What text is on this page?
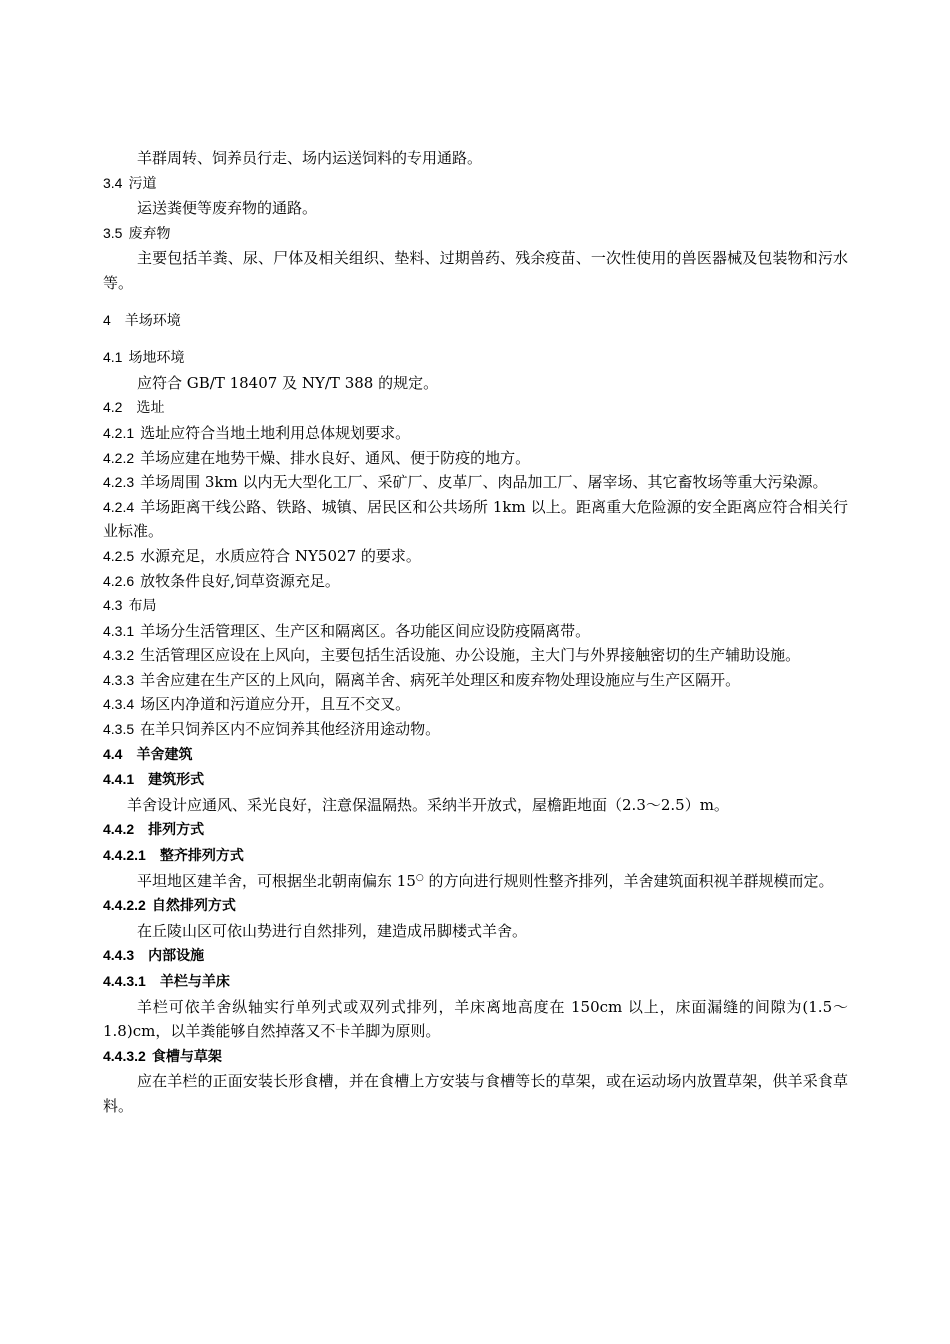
羊群周转、饲养员行走、场内运送饲料的专用通路。

3.4 污道

运送粪便等废弃物的通路。

3.5 废弃物

主要包括羊粪、尿、尸体及相关组织、垫料、过期兽药、残余疫苗、一次性使用的兽医器械及包装物和污水等。

4 羊场环境

4.1 场地环境

应符合 GB/T 18407 及 NY/T 388 的规定。

4.2 选址

4.2.1 选址应符合当地土地利用总体规划要求。

4.2.2 羊场应建在地势干燥、排水良好、通风、便于防疫的地方。

4.2.3 羊场周围 3km 以内无大型化工厂、采矿厂、皮革厂、肉品加工厂、屠宰场、其它畜牧场等重大污染源。

4.2.4 羊场距离干线公路、铁路、城镇、居民区和公共场所 1km 以上。距离重大危险源的安全距离应符合相关行业标准。

4.2.5 水源充足，水质应符合 NY5027 的要求。

4.2.6 放牧条件良好,饲草资源充足。

4.3 布局

4.3.1 羊场分生活管理区、生产区和隔离区。各功能区间应设防疫隔离带。

4.3.2 生活管理区应设在上风向，主要包括生活设施、办公设施，主大门与外界接触密切的生产辅助设施。

4.3.3 羊舍应建在生产区的上风向，隔离羊舍、病死羊处理区和废弃物处理设施应与生产区隔开。

4.3.4 场区内净道和污道应分开，且互不交叉。

4.3.5 在羊只饲养区内不应饲养其他经济用途动物。

4.4 羊舍建筑

4.4.1 建筑形式

羊舍设计应通风、采光良好，注意保温隔热。采纳半开放式，屋檐距地面（2.3～2.5）m。

4.4.2 排列方式

4.4.2.1 整齐排列方式

平坦地区建羊舍，可根据坐北朝南偏东 15○ 的方向进行规则性整齐排列，羊舍建筑面积视羊群规模而定。

4.4.2.2 自然排列方式

在丘陵山区可依山势进行自然排列，建造成吊脚楼式羊舍。

4.4.3 内部设施

4.4.3.1 羊栏与羊床

羊栏可依羊舍纵轴实行单列式或双列式排列，羊床离地高度在 150cm 以上，床面漏缝的间隙为(1.5～1.8)cm，以羊粪能够自然掉落又不卡羊脚为原则。

4.4.3.2 食槽与草架

应在羊栏的正面安装长形食槽，并在食槽上方安装与食槽等长的草架，或在运动场内放置草架，供羊采食草料。
